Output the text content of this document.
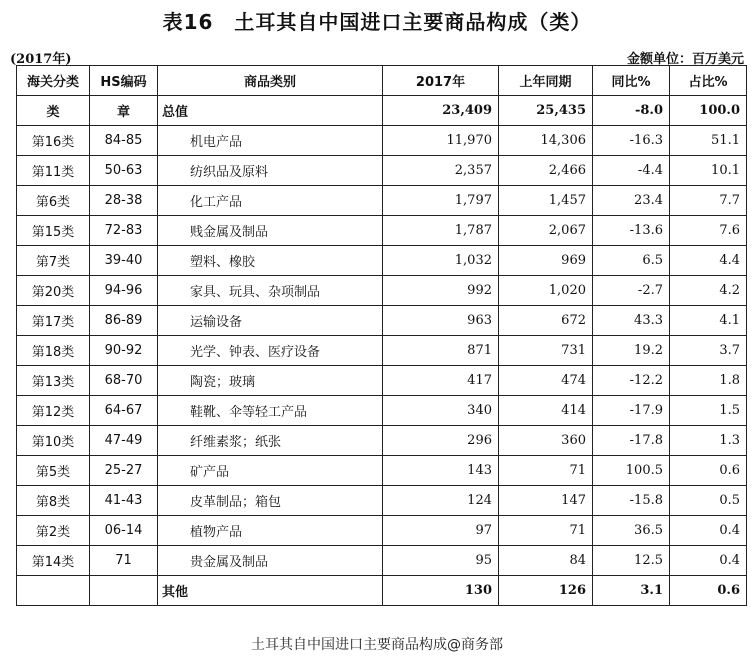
表16　土耳其自中国进口主要商品构成（类）
(2017年)	金额单位：百万美元
海关分类	HS编码	商品类别	2017年	上年同期	同比%	占比%
类	章	总值	23,409	25,435	-8.0	100.0
第16类	84-85	机电产品	11,970	14,306	-16.3	51.1
第11类	50-63	纺织品及原料	2,357	2,466	-4.4	10.1
第6类	28-38	化工产品	1,797	1,457	23.4	7.7
第15类	72-83	贱金属及制品	1,787	2,067	-13.6	7.6
第7类	39-40	塑料、橡胶	1,032	969	6.5	4.4
第20类	94-96	家具、玩具、杂项制品	992	1,020	-2.7	4.2
第17类	86-89	运输设备	963	672	43.3	4.1
第18类	90-92	光学、钟表、医疗设备	871	731	19.2	3.7
第13类	68-70	陶瓷；玻璃	417	474	-12.2	1.8
第12类	64-67	鞋靴、伞等轻工产品	340	414	-17.9	1.5
第10类	47-49	纤维素浆；纸张	296	360	-17.8	1.3
第5类	25-27	矿产品	143	71	100.5	0.6
第8类	41-43	皮革制品；箱包	124	147	-15.8	0.5
第2类	06-14	植物产品	97	71	36.5	0.4
第14类	71	贵金属及制品	95	84	12.5	0.4
		其他	130	126	3.1	0.6
土耳其自中国进口主要商品构成@商务部
